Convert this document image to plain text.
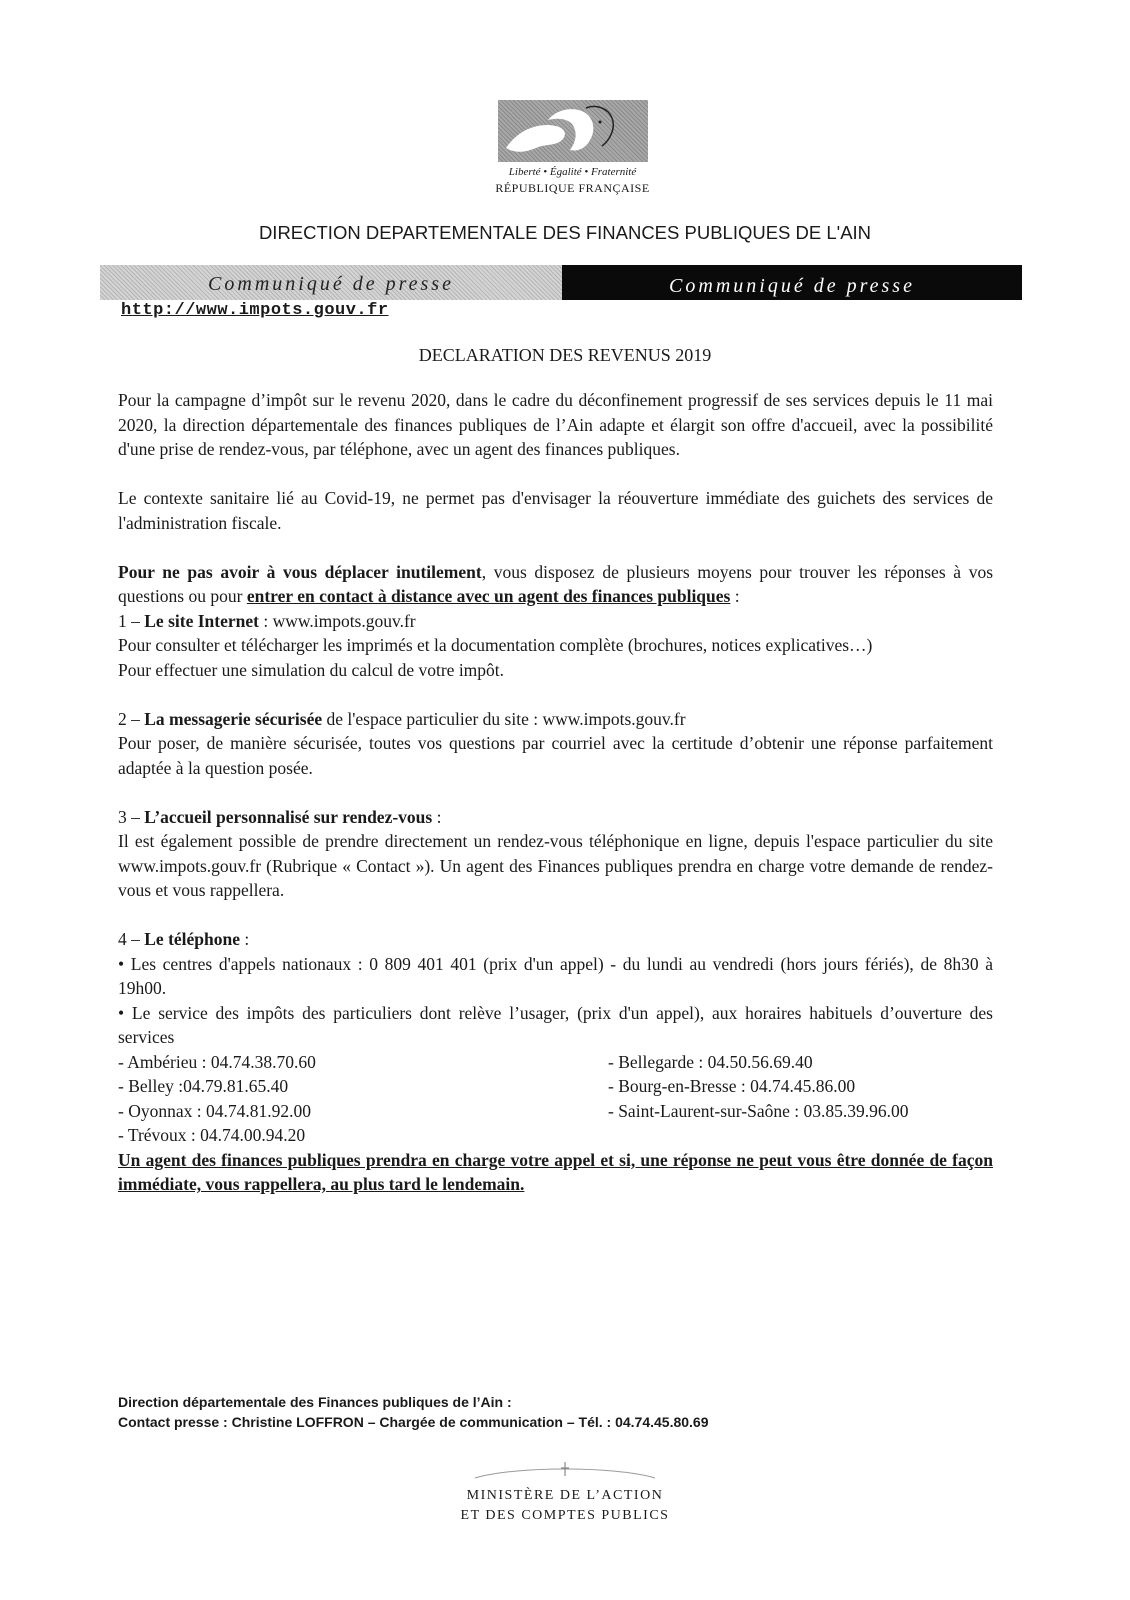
Liberté • Égalité • Fraternité
RÉPUBLIQUE FRANÇAISE
DIRECTION DEPARTEMENTALE DES FINANCES PUBLIQUES DE L'AIN
Communiqué de presse	Communiqué de presse
http://www.impots.gouv.fr
DECLARATION DES REVENUS 2019

Pour la campagne d’impôt sur le revenu 2020, dans le cadre du déconfinement progressif de ses services depuis le 11 mai 2020, la direction départementale des finances publiques de l’Ain adapte et élargit son offre d'accueil, avec la possibilité d'une prise de rendez-vous, par téléphone, avec un agent des finances publiques.

Le contexte sanitaire lié au Covid-19, ne permet pas d'envisager la réouverture immédiate des guichets des services de l'administration fiscale.

Pour ne pas avoir à vous déplacer inutilement, vous disposez de plusieurs moyens pour trouver les réponses à vos questions ou pour entrer en contact à distance avec un agent des finances publiques :

1 – Le site Internet : www.impots.gouv.fr

Pour consulter et télécharger les imprimés et la documentation complète (brochures, notices explicatives…)

Pour effectuer une simulation du calcul de votre impôt.

2 – La messagerie sécurisée de l'espace particulier du site : www.impots.gouv.fr

Pour poser, de manière sécurisée, toutes vos questions par courriel avec la certitude d’obtenir une réponse parfaitement adaptée à la question posée.

3 – L’accueil personnalisé sur rendez-vous :

Il est également possible de prendre directement un rendez-vous téléphonique en ligne, depuis l'espace particulier du site www.impots.gouv.fr (Rubrique « Contact »). Un agent des Finances publiques prendra en charge votre demande de rendez-vous et vous rappellera.

4 – Le téléphone :

• Les centres d'appels nationaux : 0 809 401 401 (prix d'un appel) - du lundi au vendredi (hors jours fériés), de 8h30 à 19h00.

• Le service des impôts des particuliers dont relève l’usager, (prix d'un appel), aux horaires habituels d’ouverture des services

- Ambérieu : 04.74.38.70.60
- Belley :04.79.81.65.40
- Oyonnax : 04.74.81.92.00
- Trévoux : 04.74.00.94.20
- Bellegarde : 04.50.56.69.40
- Bourg-en-Bresse : 04.74.45.86.00
- Saint-Laurent-sur-Saône : 03.85.39.96.00

Un agent des finances publiques prendra en charge votre appel et si, une réponse ne peut vous être donnée de façon immédiate, vous rappellera, au plus tard le lendemain.

Direction départementale des Finances publiques de l’Ain :
Contact presse : Christine LOFFRON – Chargée de communication – Tél. : 04.74.45.80.69
MINISTÈRE DE L’ACTION
ET DES COMPTES PUBLICS
